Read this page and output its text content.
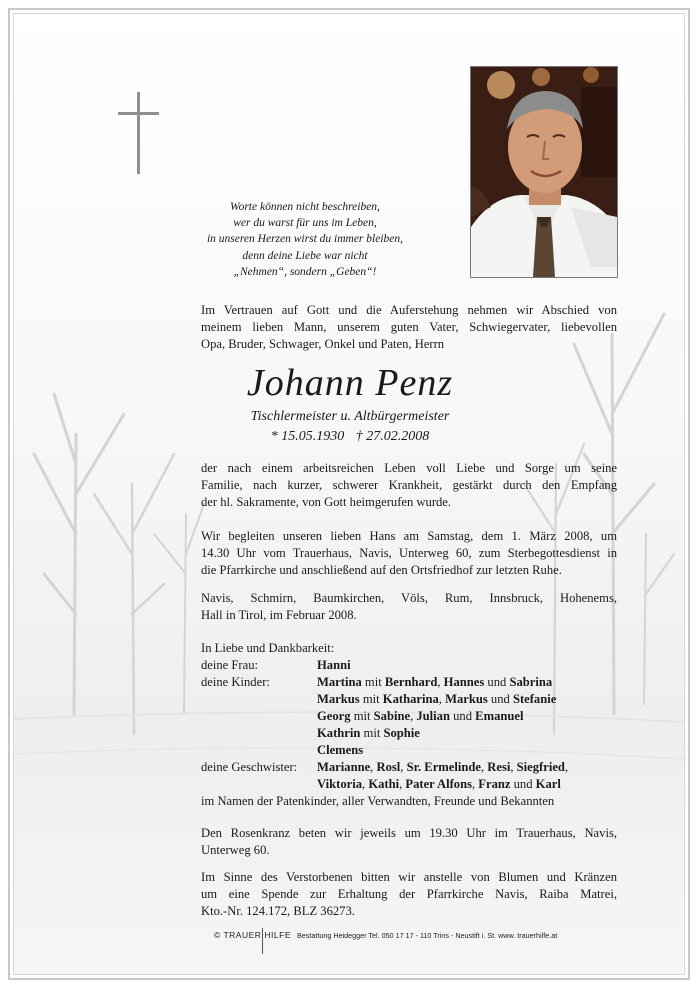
Worte können nicht beschreiben,
wer du warst für uns im Leben,
in unseren Herzen wirst du immer bleiben,
denn deine Liebe war nicht
„Nehmen“, sondern „Geben“!
Im Vertrauen auf Gott und die Auferstehung nehmen wir Abschied von
meinem lieben Mann, unserem guten Vater, Schwiegervater, liebevollen
Opa, Bruder, Schwager, Onkel und Paten, Herrn
Johann Penz
Tischlermeister u. Altbürgermeister
* 15.05.1930 † 27.02.2008
der nach einem arbeitsreichen Leben voll Liebe und Sorge um seine
Familie, nach kurzer, schwerer Krankheit, gestärkt durch den Empfang
der hl. Sakramente, von Gott heimgerufen wurde.
Wir begleiten unseren lieben Hans am Samstag, dem 1. März 2008, um
14.30 Uhr vom Trauerhaus, Navis, Unterweg 60, zum Sterbegottesdienst in
die Pfarrkirche und anschließend auf den Ortsfriedhof zur letzten Ruhe.
Navis, Schmirn, Baumkirchen, Völs, Rum, Innsbruck, Hohenems,
Hall in Tirol, im Februar 2008.
In Liebe und Dankbarkeit:
deine Frau:	Hanni
deine Kinder:	Martina mit Bernhard, Hannes und Sabrina
Markus mit Katharina, Markus und Stefanie
Georg mit Sabine, Julian und Emanuel
Kathrin mit Sophie
Clemens
deine Geschwister: Marianne, Rosl, Sr. Ermelinde, Resi, Siegfried,
Viktoria, Kathi, Pater Alfons, Franz und Karl
im Namen der Patenkinder, aller Verwandten, Freunde und Bekannten
Den Rosenkranz beten wir jeweils um 19.30 Uhr im Trauerhaus, Navis,
Unterweg 60.
Im Sinne des Verstorbenen bitten wir anstelle von Blumen und Kränzen
um eine Spende zur Erhaltung der Pfarrkirche Navis, Raiba Matrei,
Kto.-Nr. 124.172, BLZ 36273.
© TRAUER HILFE Bestattung Heidegger Tel. 050 17 17 - 110 Trins - Neustift i. St. www. trauerhilfe.at
